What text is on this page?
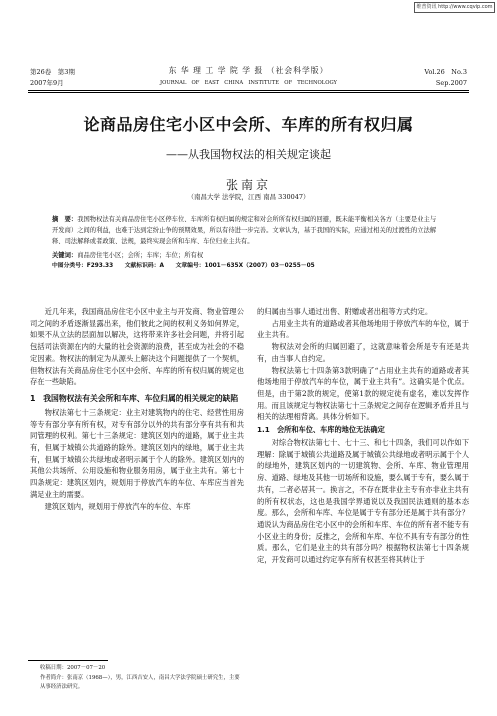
维普资讯 http://www.cqvip.com
第26卷　第3期
2007年9月
东 华 理 工 学 院 学 报 （社会科学版）
JOURNAL　OF　EAST　CHINA　INSTITUTE　OF　TECHNOLOGY
Vol.26　No.3
Sep.2007
论商品房住宅小区中会所、车库的所有权归属
——从我国物权法的相关规定谈起
张南京
（南昌大学 法学院，江西 南昌 330047）
摘　要：我国物权法有关商品房住宅小区停车位、车库所有权归属的规定和对会所所有权归属的回避，既未能平衡相关各方（主要是业主与开发商）之间的利益，也难于达到定纷止争的预期效果，所以有待进一步完善。文章认为，基于我国的实际，应通过相关的过渡性的立法解释、司法解释或者政策、法规，最终实现会所和车库、车位归业主共有。
关键词：商品房住宅小区；会所；车库；车位；所有权
中图分类号：F293.33　　文献标识码：A　　文章编号：1001－635X（2007）03－0255－05

近几年来，我国商品房住宅小区中业主与开发商、物业管理公司之间的矛盾逐渐显露出来，他们彼此之间的权利义务如何界定，如果不从立法的层面加以解决，这将带来许多社会问题，并将引起包括司法资源在内的大量的社会资源的浪费，甚至成为社会的不稳定因素。物权法的制定为从源头上解决这个问题提供了一个契机，但物权法有关商品房住宅小区中会所、车库的所有权归属的规定也存在一些缺陷。

1　 我国物权法有关会所和车库、车位归属的相关规定的缺陷

物权法第七十三条规定：业主对建筑物内的住宅、经营性用房等专有部分享有所有权，对专有部分以外的共有部分享有共有和共同管理的权利。第七十三条规定：建筑区划内的道路，属于业主共有，但属于城镇公共道路的除外。建筑区划内的绿地，属于业主共有，但属于城镇公共绿地或者明示属于个人的除外。建筑区划内的其他公共场所、公用设施和物业服务用房，属于业主共有。第七十四条规定：建筑区划内，规划用于停放汽车的车位、车库应当首先满足业主的需要。

建筑区划内，规划用于停放汽车的车位、车库

的归属由当事人通过出售、附赠或者出租等方式约定。

占用业主共有的道路或者其他场地用于停放汽车的车位，属于业主共有。

物权法对会所的归属回避了，这就意味着会所是专有还是共有，由当事人自约定。

物权法第七十四条第3款明确了“占用业主共有的道路或者其他场地用于停放汽车的车位，属于业主共有”。这确实是个优点。但是，由于第2款的规定，使第1款的规定徒有虚名，难以发挥作用。而且该规定与物权法第七十三条规定之间存在逻辑矛盾并且与相关的法理相背离。具体分析如下。

1.1　 会所和车位、车库的地位无法确定

对综合物权法第七十、七十三、和七十四条，我们可以作如下理解：除属于城镇公共道路及属于城镇公共绿地或者明示属于个人的绿地外，建筑区划内的一切建筑物、会所、车库、物业管理用房、道路、绿地及其他一切场所和设施，要么属于专有，要么属于共有，二者必居其一。换言之，不存在既非业主专有亦非业主共有的所有权状态，这也是我国学界通说以及我国民法通则的基本态度。那么，会所和车库、车位是属于专有部分还是属于共有部分？通说认为商品房住宅小区中的会所和车库、车位的所有者不能专有小区业主的身份；反推之，会所和车库、车位不具有专有部分的性质。那么，它们是业主的共有部分吗？根据物权法第七十四条规定，开发商可以通过约定享有所有权甚至将其转让于

收稿日期：2007－07－20
作者简介：张南京（1968—），男，江西吉安人，南昌大学法学院硕士研究生，主要从事经济法研究。
